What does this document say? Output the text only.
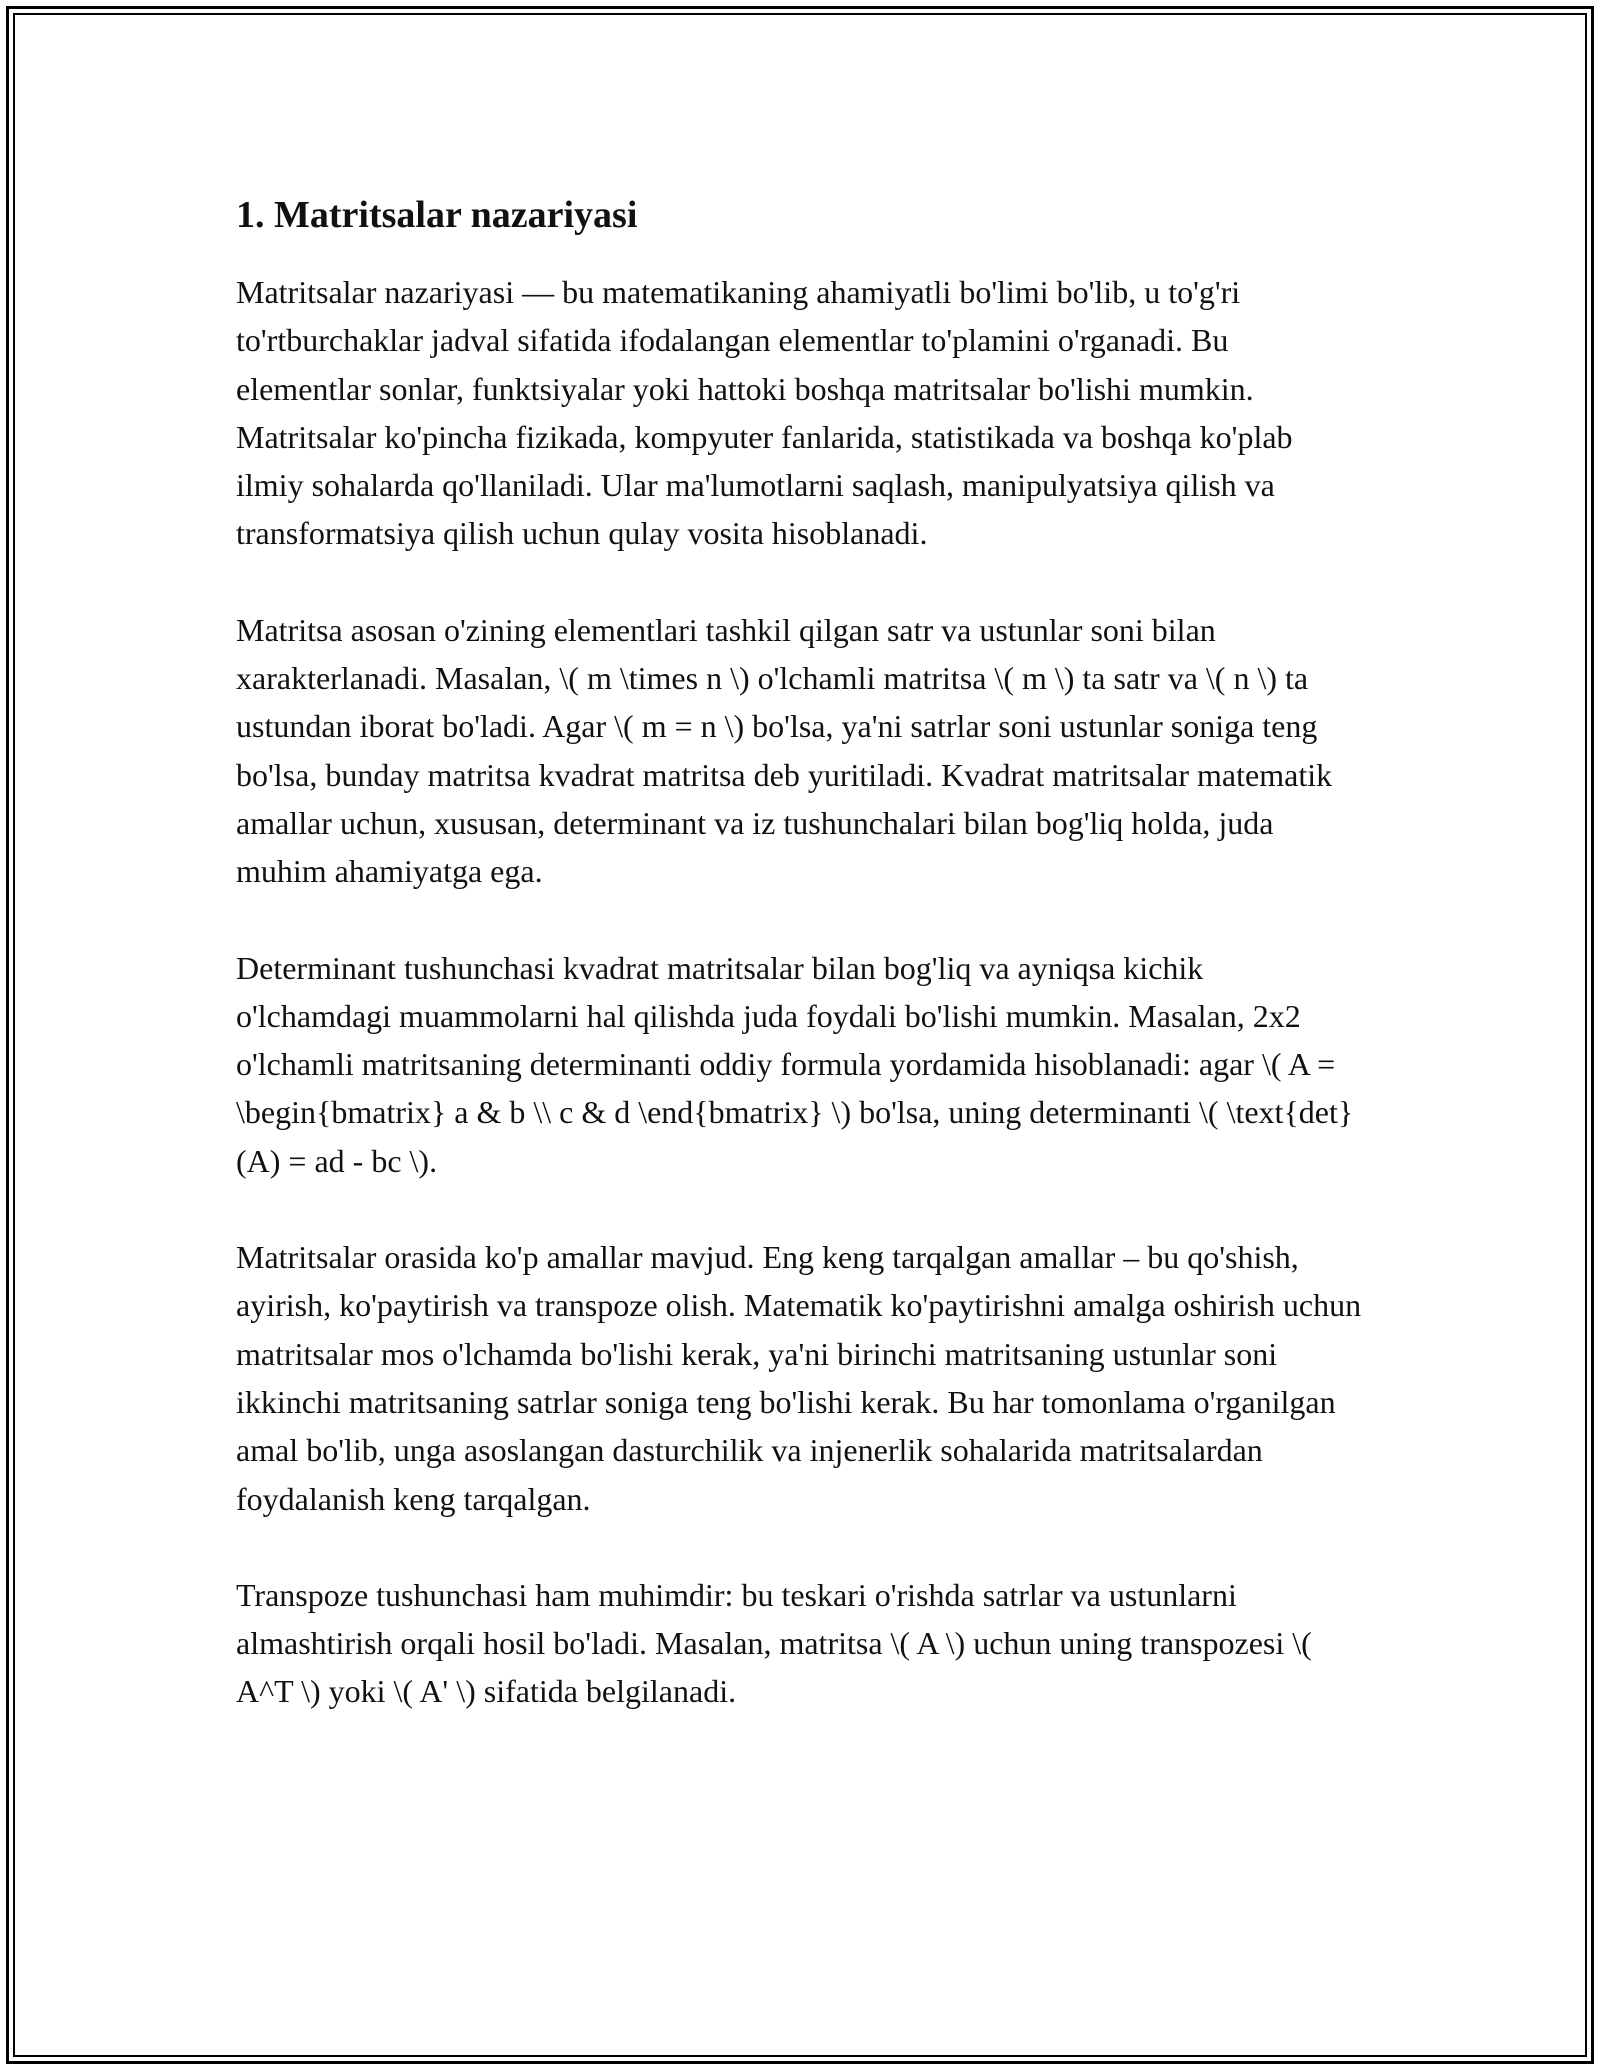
1. Matritsalar nazariyasi

Matritsalar nazariyasi — bu matematikaning ahamiyatli bo'limi bo'lib, u to'g'ri to'rtburchaklar jadval sifatida ifodalangan elementlar to'plamini o'rganadi. Bu elementlar sonlar, funktsiyalar yoki hattoki boshqa matritsalar bo'lishi mumkin. Matritsalar ko'pincha fizikada, kompyuter fanlarida, statistikada va boshqa ko'plab ilmiy sohalarda qo'llaniladi. Ular ma'lumotlarni saqlash, manipulyatsiya qilish va transformatsiya qilish uchun qulay vosita hisoblanadi.

Matritsa asosan o'zining elementlari tashkil qilgan satr va ustunlar soni bilan xarakterlanadi. Masalan, \( m \times n \) o'lchamli matritsa \( m \) ta satr va \( n \) ta ustundan iborat bo'ladi. Agar \( m = n \) bo'lsa, ya'ni satrlar soni ustunlar soniga teng bo'lsa, bunday matritsa kvadrat matritsa deb yuritiladi. Kvadrat matritsalar matematik amallar uchun, xususan, determinant va iz tushunchalari bilan bog'liq holda, juda muhim ahamiyatga ega.

Determinant tushunchasi kvadrat matritsalar bilan bog'liq va ayniqsa kichik o'lchamdagi muammolarni hal qilishda juda foydali bo'lishi mumkin. Masalan, 2x2 o'lchamli matritsaning determinanti oddiy formula yordamida hisoblanadi: agar \( A = \begin{bmatrix} a & b \\ c & d \end{bmatrix} \) bo'lsa, uning determinanti \( \text{det}(A) = ad - bc \).

Matritsalar orasida ko'p amallar mavjud. Eng keng tarqalgan amallar – bu qo'shish, ayirish, ko'paytirish va transpoze olish. Matematik ko'paytirishni amalga oshirish uchun matritsalar mos o'lchamda bo'lishi kerak, ya'ni birinchi matritsaning ustunlar soni ikkinchi matritsaning satrlar soniga teng bo'lishi kerak. Bu har tomonlama o'rganilgan amal bo'lib, unga asoslangan dasturchilik va injenerlik sohalarida matritsalardan foydalanish keng tarqalgan.

Transpoze tushunchasi ham muhimdir: bu teskari o'rishda satrlar va ustunlarni almashtirish orqali hosil bo'ladi. Masalan, matritsa \( A \) uchun uning transpozesi \( A^T \) yoki \( A' \) sifatida belgilanadi.
